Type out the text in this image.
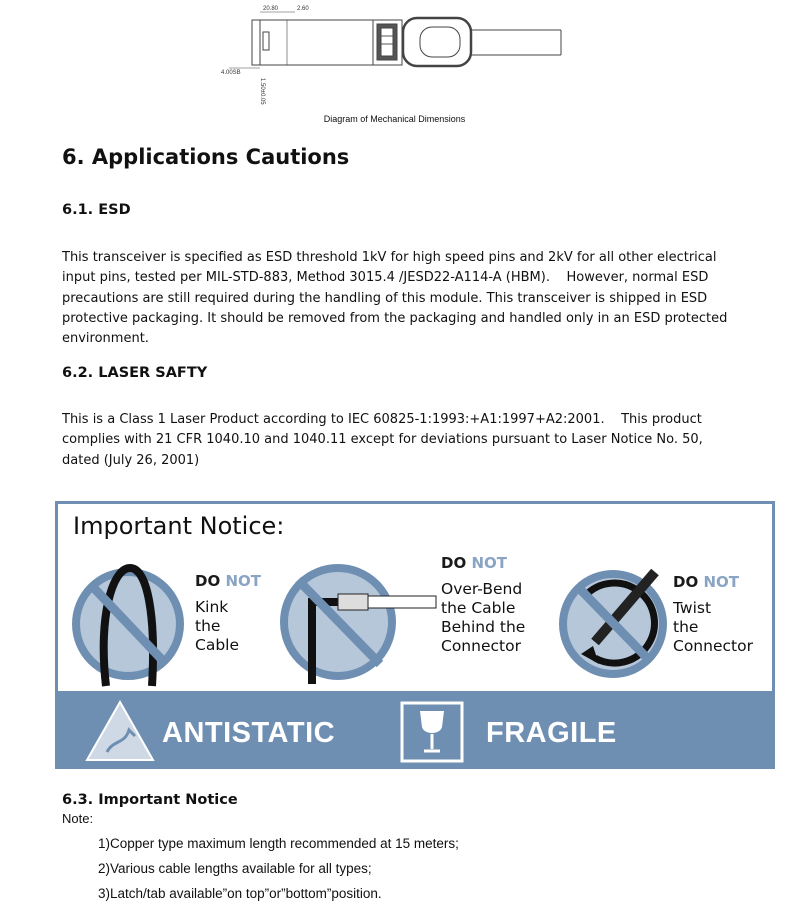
20.80	2.60
4.00SB
1.50±0.05
Diagram of Mechanical Dimensions
6. Applications Cautions
6.1. ESD

This transceiver is specified as ESD threshold 1kV for high speed pins and 2kV for all other electrical input pins, tested per MIL-STD-883, Method 3015.4 /JESD22-A114-A (HBM).    However, normal ESD precautions are still required during the handling of this module. This transceiver is shipped in ESD protective packaging. It should be removed from the packaging and handled only in an ESD protected environment.

6.2. LASER SAFTY

This is a Class 1 Laser Product according to IEC 60825-1:1993:+A1:1997+A2:2001.    This product complies with 21 CFR 1040.10 and 1040.11 except for deviations pursuant to Laser Notice No. 50, dated (July 26, 2001)

Important Notice:
DO NOT
Kink
the
Cable
DO NOT
Over-Bend
the Cable
Behind the
Connector
DO NOT
Twist
the
Connector
ANTISTATIC	FRAGILE
6.3. Important Notice
Note:
1)Copper type maximum length recommended at 15 meters;
2)Various cable lengths available for all types;
3)Latch/tab available”on top”or”bottom”position.
